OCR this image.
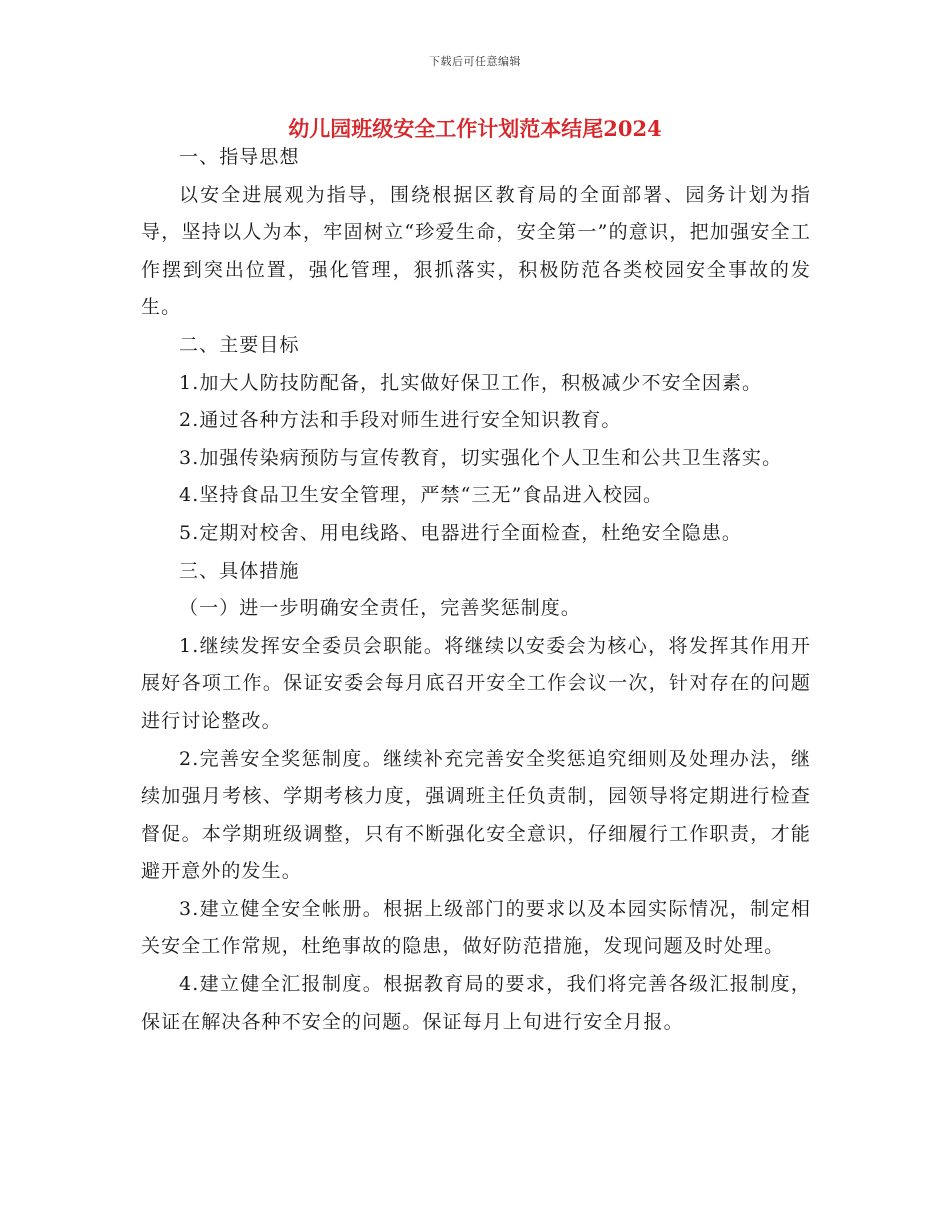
下载后可任意编辑
幼儿园班级安全工作计划范本结尾2024

一、指导思想

以安全进展观为指导，围绕根据区教育局的全面部署、园务计划为指导，坚持以人为本，牢固树立“珍爱生命，安全第一”的意识，把加强安全工作摆到突出位置，强化管理，狠抓落实，积极防范各类校园安全事故的发生。

二、主要目标

1.加大人防技防配备，扎实做好保卫工作，积极减少不安全因素。

2.通过各种方法和手段对师生进行安全知识教育。

3.加强传染病预防与宣传教育，切实强化个人卫生和公共卫生落实。

4.坚持食品卫生安全管理，严禁“三无”食品进入校园。

5.定期对校舍、用电线路、电器进行全面检查，杜绝安全隐患。

三、具体措施

（一）进一步明确安全责任，完善奖惩制度。

1.继续发挥安全委员会职能。将继续以安委会为核心，将发挥其作用开展好各项工作。保证安委会每月底召开安全工作会议一次，针对存在的问题进行讨论整改。

2.完善安全奖惩制度。继续补充完善安全奖惩追究细则及处理办法，继续加强月考核、学期考核力度，强调班主任负责制，园领导将定期进行检查督促。本学期班级调整，只有不断强化安全意识，仔细履行工作职责，才能避开意外的发生。

3.建立健全安全帐册。根据上级部门的要求以及本园实际情况，制定相关安全工作常规，杜绝事故的隐患，做好防范措施，发现问题及时处理。

4.建立健全汇报制度。根据教育局的要求，我们将完善各级汇报制度，保证在解决各种不安全的问题。保证每月上旬进行安全月报。
